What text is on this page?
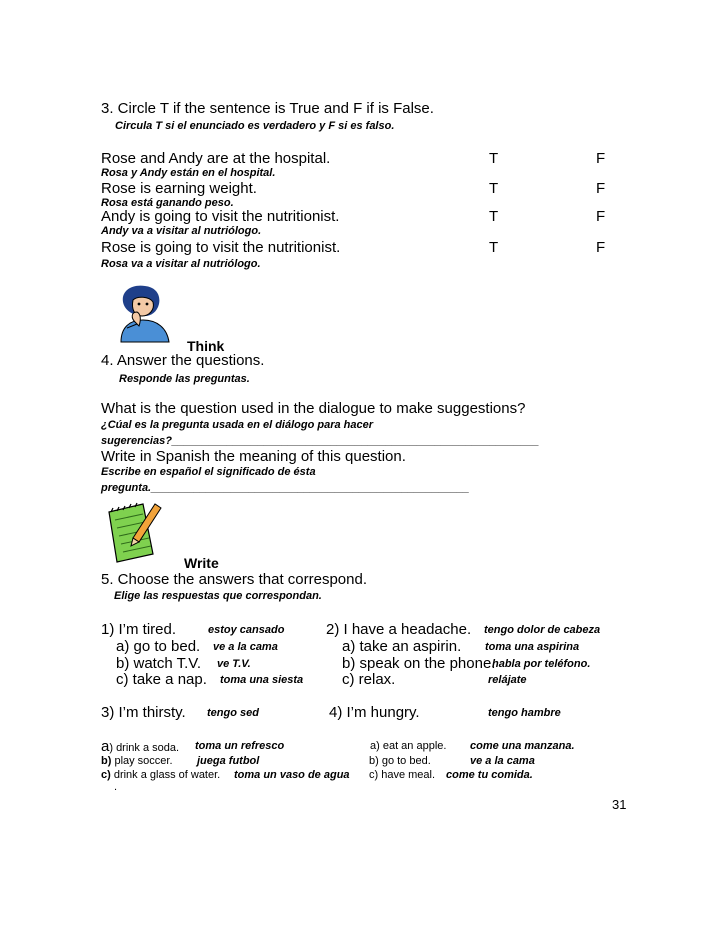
3. Circle T if the sentence is True and F if is False.
Circula T si el enunciado es verdadero y F si es falso.
Rose and Andy are at the hospital.	T	F
Rosa y Andy están en el hospital.
Rose is earning weight.	T	F
Rosa está ganando peso.
Andy is going to visit the nutritionist.	T	F
Andy va a visitar al nutriólogo.
Rose is going to visit the nutritionist.	T	F
Rosa va a visitar al nutriólogo.
Think
4. Answer the questions.
Responde las preguntas.
What is the question used in the dialogue to make suggestions?
¿Cúal es la pregunta usada en el diálogo para hacer
sugerencias?____________________________________________________________
Write in Spanish the meaning of this question.
Escribe en español el significado de ésta
pregunta.____________________________________________________
Write
5. Choose the answers that correspond.
Elige las respuestas que correspondan.
1) I’m tired.	estoy cansado
a) go to bed. ve a la cama
b) watch T.V. ve T.V.
c) take a nap. toma una siesta
2) I have a headache. tengo dolor de cabeza
a) take an aspirin. toma una aspirina
b) speak on the phone.
habla por teléfono.
c) relax.	relájate
3) I’m thirsty. tengo sed
a) drink a soda. toma un refresco
b) play soccer. juega futbol
c) drink a glass of water. toma un vaso de agua
4) I’m hungry.	tengo hambre
a) eat an apple. come una manzana.
b) go to bed.	ve a la cama
c) have meal. come tu comida.
.
31
